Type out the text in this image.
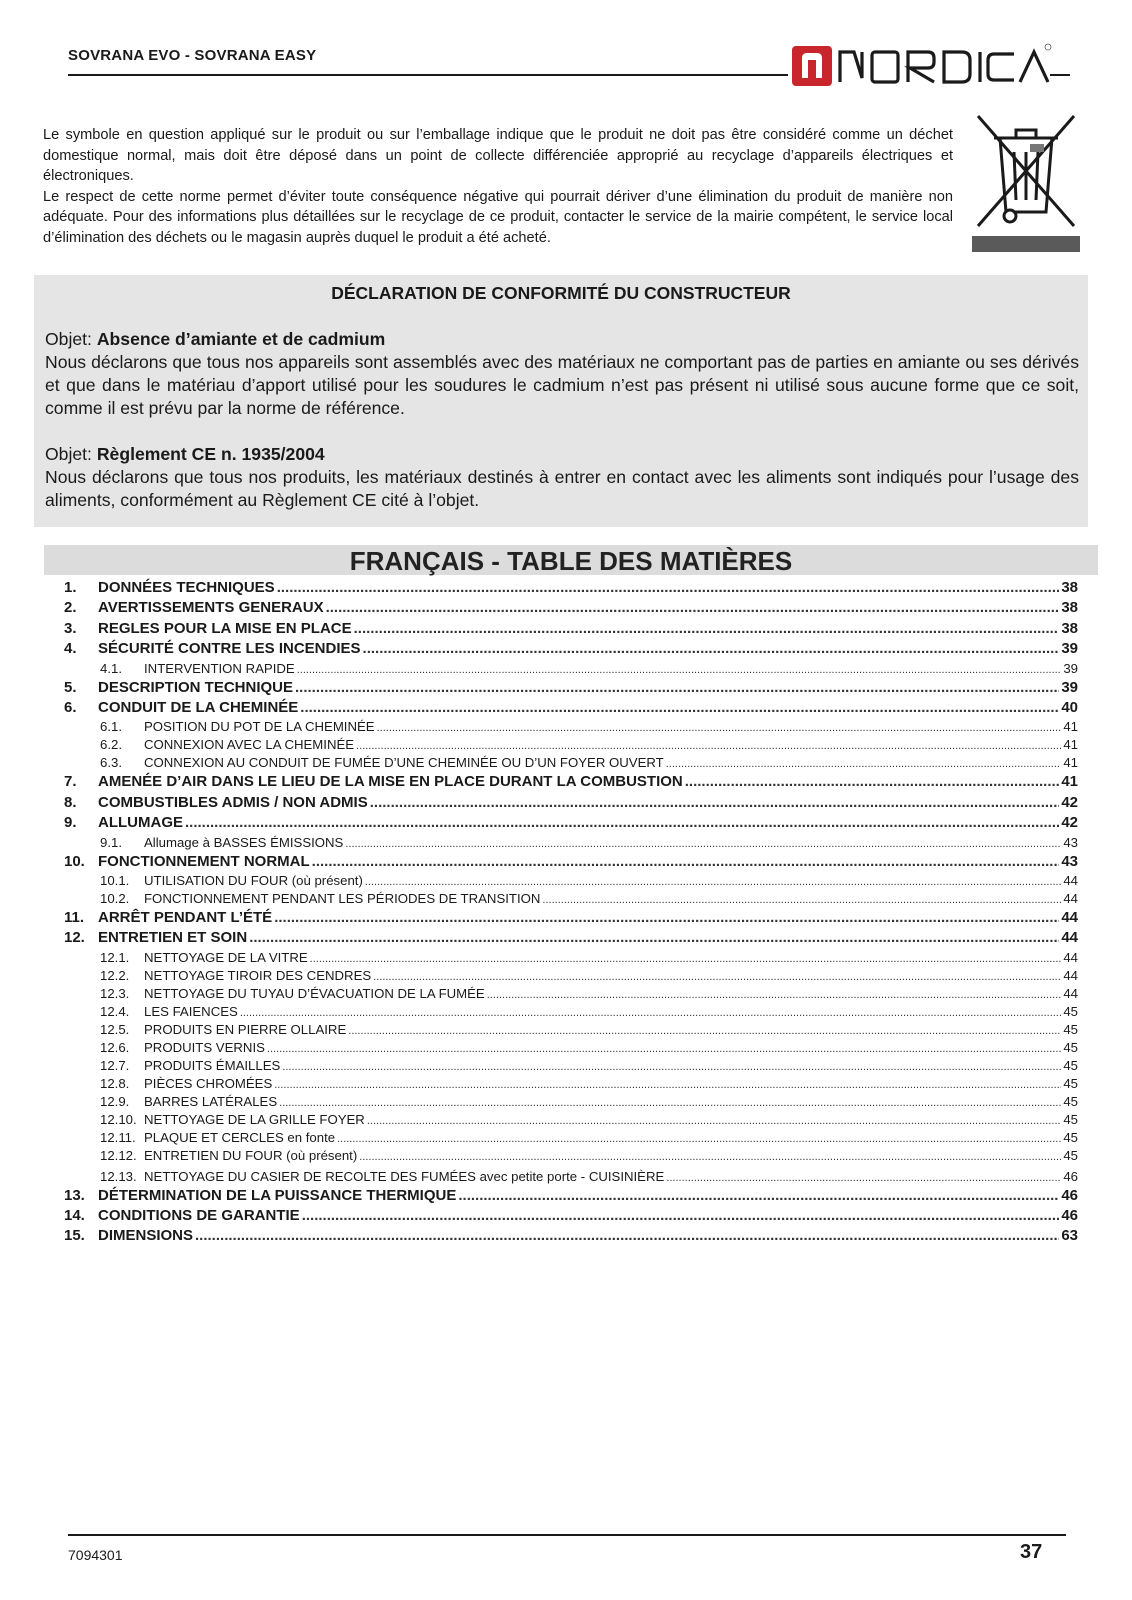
SOVRANA EVO - SOVRANA EASY

Le symbole en question appliqué sur le produit ou sur l’emballage indique que le produit ne doit pas être considéré comme un déchet domestique normal, mais doit être déposé dans un point de collecte différenciée approprié au recyclage d’appareils électriques et électroniques.

Le respect de cette norme permet d’éviter toute conséquence négative qui pourrait dériver d’une élimination du produit de manière non adéquate. Pour des informations plus détaillées sur le recyclage de ce produit, contacter le service de la mairie compétent, le service local d’élimination des déchets ou le magasin auprès duquel le produit a été acheté.

DÉCLARATION DE CONFORMITÉ DU CONSTRUCTEUR

Objet: Absence d’amiante et de cadmium

Nous déclarons que tous nos appareils sont assemblés avec des matériaux ne comportant pas de parties en amiante ou ses dérivés et que dans le matériau d’apport utilisé pour les soudures le cadmium n’est pas présent ni utilisé sous aucune forme que ce soit, comme il est prévu par la norme de référence.

Objet: Règlement CE n. 1935/2004

Nous déclarons que tous nos produits, les matériaux destinés à entrer en contact avec les aliments sont indiqués pour l’usage des aliments, conformément au Règlement CE cité à l’objet.

FRANÇAIS - TABLE DES MATIÈRES
1.	DONNÉES TECHNIQUES .....	38
2.	AVERTISSEMENTS GENERAUX .....	38
3.	REGLES POUR LA MISE EN PLACE .....	38
4.	SÉCURITÉ CONTRE LES INCENDIES .....	39
4.1.	INTERVENTION RAPIDE .....	39
5.	DESCRIPTION TECHNIQUE .....	39
6.	CONDUIT DE LA CHEMINÉE .....	40
6.1.	POSITION DU POT DE LA CHEMINÉE .....	41
6.2.	CONNEXION AVEC LA CHEMINÉE .....	41
6.3.	CONNEXION AU CONDUIT DE FUMÉE D’UNE CHEMINÉE OU D’UN FOYER OUVERT .....	41
7.	AMENÉE D’AIR DANS LE LIEU DE LA MISE EN PLACE DURANT LA COMBUSTION .....	41
8.	COMBUSTIBLES ADMIS / NON ADMIS .....	42
9.	ALLUMAGE .....	42
9.1.	Allumage à BASSES ÉMISSIONS .....	43
10. FONCTIONNEMENT NORMAL .....	43
10.1.	UTILISATION DU FOUR (où présent) .....	44
10.2.	FONCTIONNEMENT PENDANT LES PÉRIODES DE TRANSITION .....	44
11. ARRÊT PENDANT L’ÉTÉ .....	44
12. ENTRETIEN ET SOIN .....	44
12.1.	NETTOYAGE DE LA VITRE .....	44
12.2.	NETTOYAGE TIROIR DES CENDRES .....	44
12.3.	NETTOYAGE DU TUYAU D’ÉVACUATION DE LA FUMÉE .....	44
12.4.	LES FAIENCES .....	45
12.5.	PRODUITS EN PIERRE OLLAIRE .....	45
12.6.	PRODUITS VERNIS .....	45
12.7.	PRODUITS ÉMAILLES .....	45
12.8.	PIÈCES CHROMÉES .....	45
12.9.	BARRES LATÉRALES .....	45
12.10. NETTOYAGE DE LA GRILLE FOYER .....	45
12.11. PLAQUE ET CERCLES en fonte .....	45
12.12. ENTRETIEN DU FOUR (où présent) .....	45
12.13. NETTOYAGE DU CASIER DE RECOLTE DES FUMÉES avec petite porte - CUISINIÈRE .....	46
13. DÉTERMINATION DE LA PUISSANCE THERMIQUE .....	46
14. CONDITIONS DE GARANTIE .....	46
15. DIMENSIONS .....	63
7094301	37
